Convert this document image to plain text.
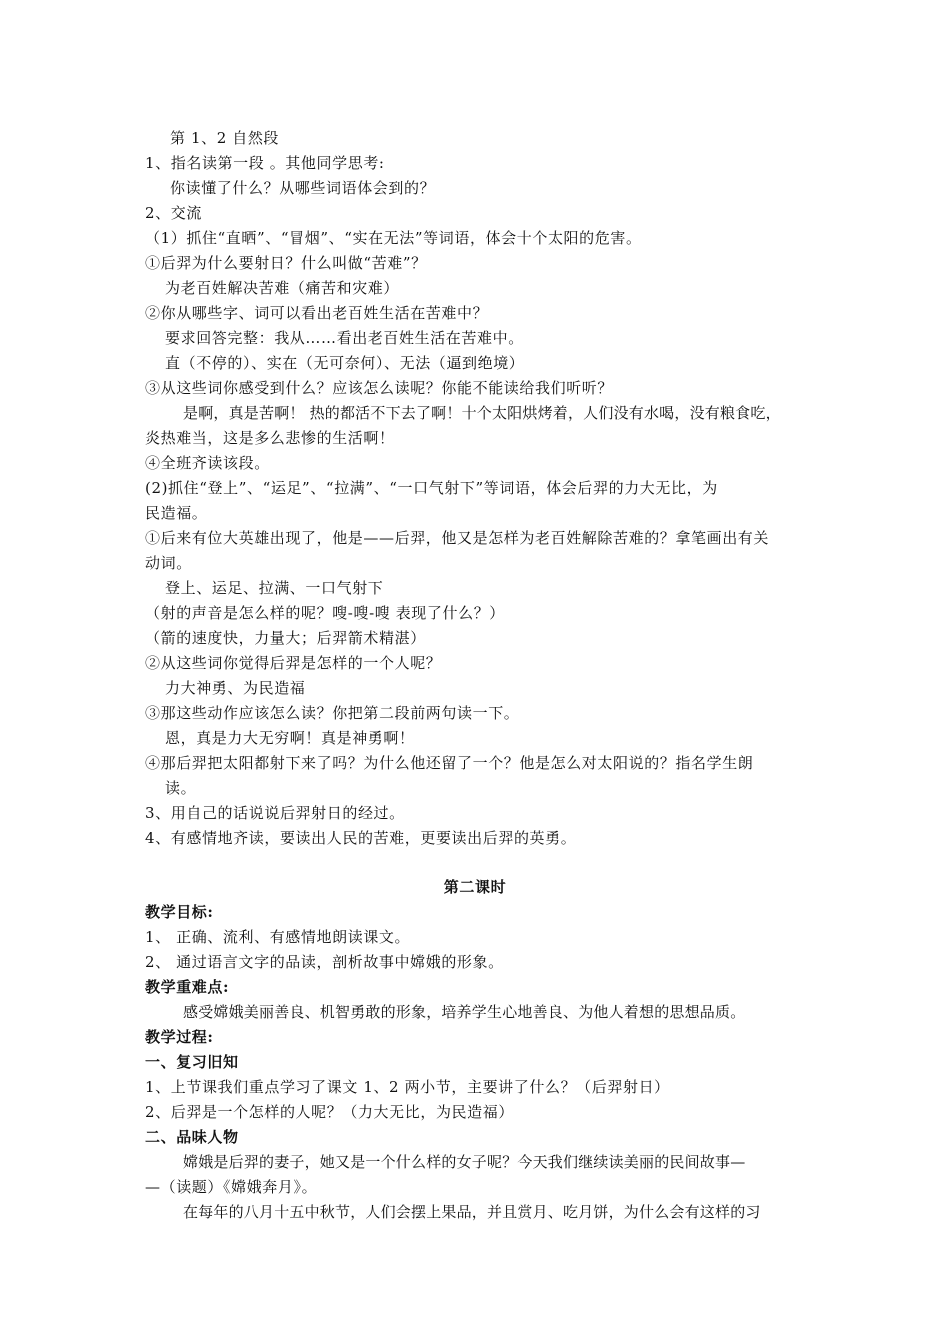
第 1、2 自然段
1、指名读第一段 。其他同学思考:
你读懂了什么？从哪些词语体会到的？
2、交流
（1）抓住“直晒”、“冒烟”、“实在无法”等词语，体会十个太阳的危害。
①后羿为什么要射日？什么叫做“苦难”？
为老百姓解决苦难（痛苦和灾难）
②你从哪些字、词可以看出老百姓生活在苦难中？
要求回答完整：我从……看出老百姓生活在苦难中。
直（不停的）、实在（无可奈何）、无法（逼到绝境）
③从这些词你感受到什么？应该怎么读呢？你能不能读给我们听听？
是啊，真是苦啊！ 热的都活不下去了啊！十个太阳烘烤着，人们没有水喝，没有粮食吃，
炎热难当，这是多么悲惨的生活啊！
④全班齐读该段。
(2)抓住“登上”、“运足”、“拉满”、“一口气射下”等词语，体会后羿的力大无比，为
民造福。
①后来有位大英雄出现了，他是——后羿，他又是怎样为老百姓解除苦难的？拿笔画出有关
动词。
登上、运足、拉满、一口气射下
（射的声音是怎么样的呢？嗖-嗖-嗖 表现了什么？）
（箭的速度快，力量大；后羿箭术精湛）
②从这些词你觉得后羿是怎样的一个人呢？
力大神勇、为民造福
③那这些动作应该怎么读？你把第二段前两句读一下。
恩，真是力大无穷啊！真是神勇啊！
④那后羿把太阳都射下来了吗？为什么他还留了一个？他是怎么对太阳说的？指名学生朗
读。
3、用自己的话说说后羿射日的经过。
4、有感情地齐读，要读出人民的苦难，更要读出后羿的英勇。
第二课时
教学目标:
1、 正确、流利、有感情地朗读课文。
2、 通过语言文字的品读，剖析故事中嫦娥的形象。
教学重难点:
感受嫦娥美丽善良、机智勇敢的形象，培养学生心地善良、为他人着想的思想品质。
教学过程:
一、复习旧知
1、上节课我们重点学习了课文 1、2 两小节，主要讲了什么？（后羿射日）
2、后羿是一个怎样的人呢？（力大无比，为民造福）
二、品味人物
嫦娥是后羿的妻子，她又是一个什么样的女子呢？今天我们继续读美丽的民间故事—
—（读题）《嫦娥奔月》。
在每年的八月十五中秋节，人们会摆上果品，并且赏月、吃月饼，为什么会有这样的习
